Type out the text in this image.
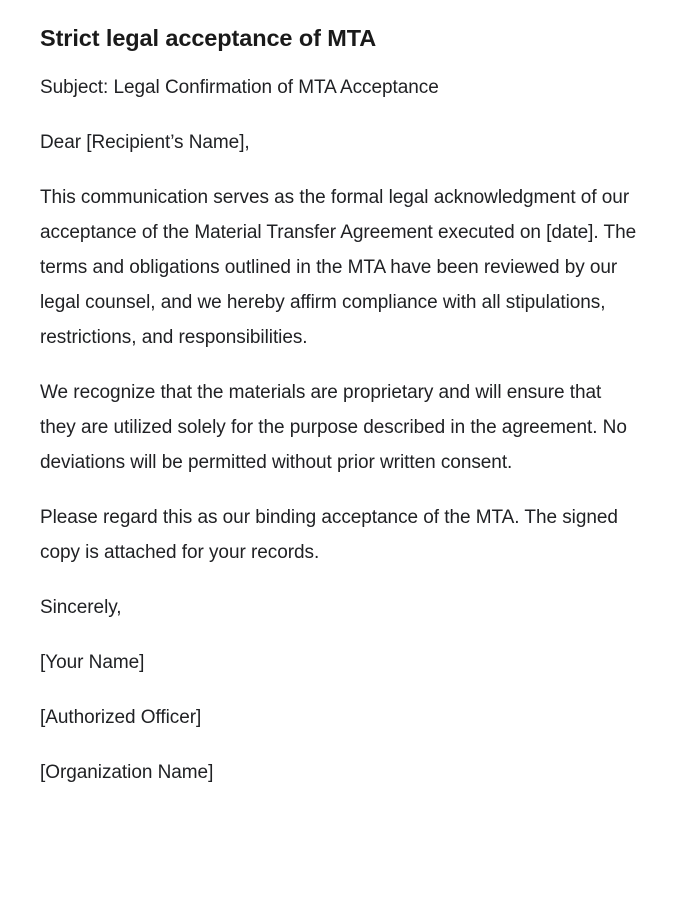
Strict legal acceptance of MTA

Subject: Legal Confirmation of MTA Acceptance

Dear [Recipient’s Name],

This communication serves as the formal legal acknowledgment of our acceptance of the Material Transfer Agreement executed on [date]. The terms and obligations outlined in the MTA have been reviewed by our legal counsel, and we hereby affirm compliance with all stipulations, restrictions, and responsibilities.

We recognize that the materials are proprietary and will ensure that they are utilized solely for the purpose described in the agreement. No deviations will be permitted without prior written consent.

Please regard this as our binding acceptance of the MTA. The signed copy is attached for your records.

Sincerely,

[Your Name]

[Authorized Officer]

[Organization Name]
